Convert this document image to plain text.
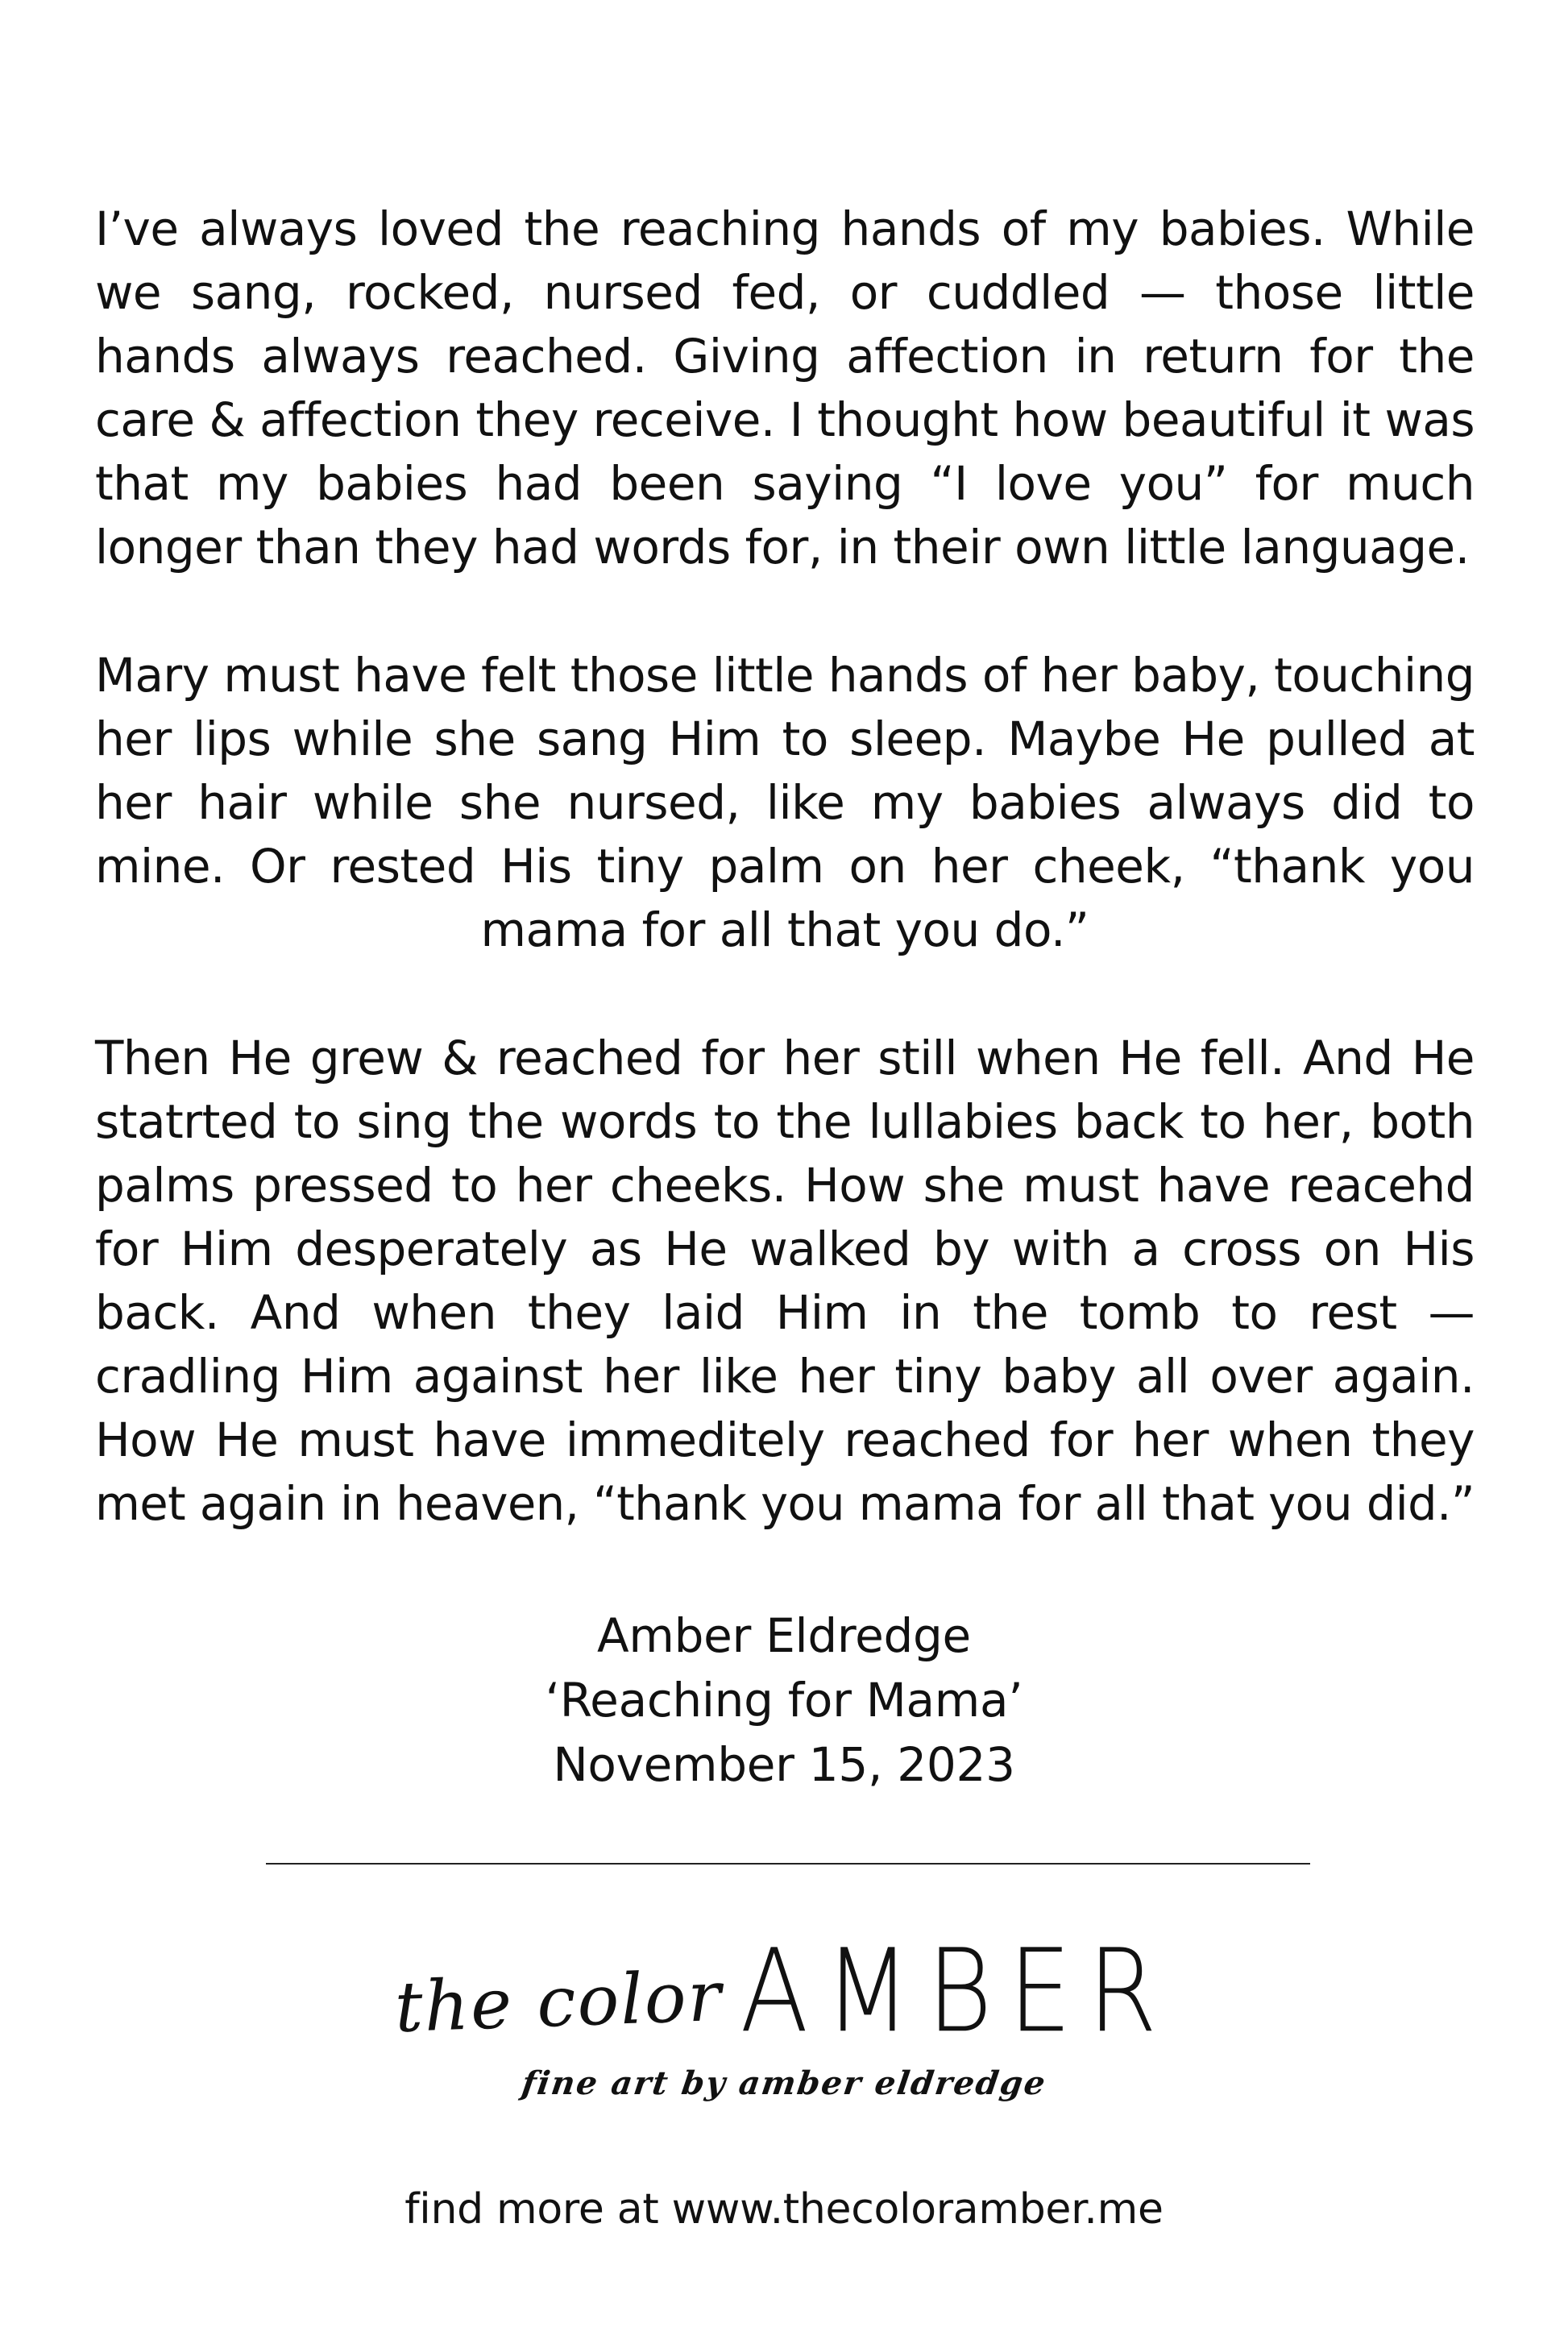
I’ve always loved the reaching hands of my babies. While
we sang, rocked, nursed fed, or cuddled — those little
hands always reached. Giving affection in return for the
care & affection they receive. I thought how beautiful it was
that my babies had been saying “I love you” for much
longer than they had words for, in their own little language.
Mary must have felt those little hands of her baby, touching
her lips while she sang Him to sleep. Maybe He pulled at
her hair while she nursed, like my babies always did to
mine. Or rested His tiny palm on her cheek, “thank you
mama for all that you do.”
Then He grew & reached for her still when He fell. And He
statrted to sing the words to the lullabies back to her, both
palms pressed to her cheeks. How she must have reacehd
for Him desperately as He walked by with a cross on His
back. And when they laid Him in the tomb to rest —
cradling Him against her like her tiny baby all over again.
How He must have immeditely reached for her when they
met again in heaven, “thank you mama for all that you did.”
Amber Eldredge
‘Reaching for Mama’
November 15, 2023
the color AMBER
fine art by amber eldredge
find more at www.thecoloramber.me
